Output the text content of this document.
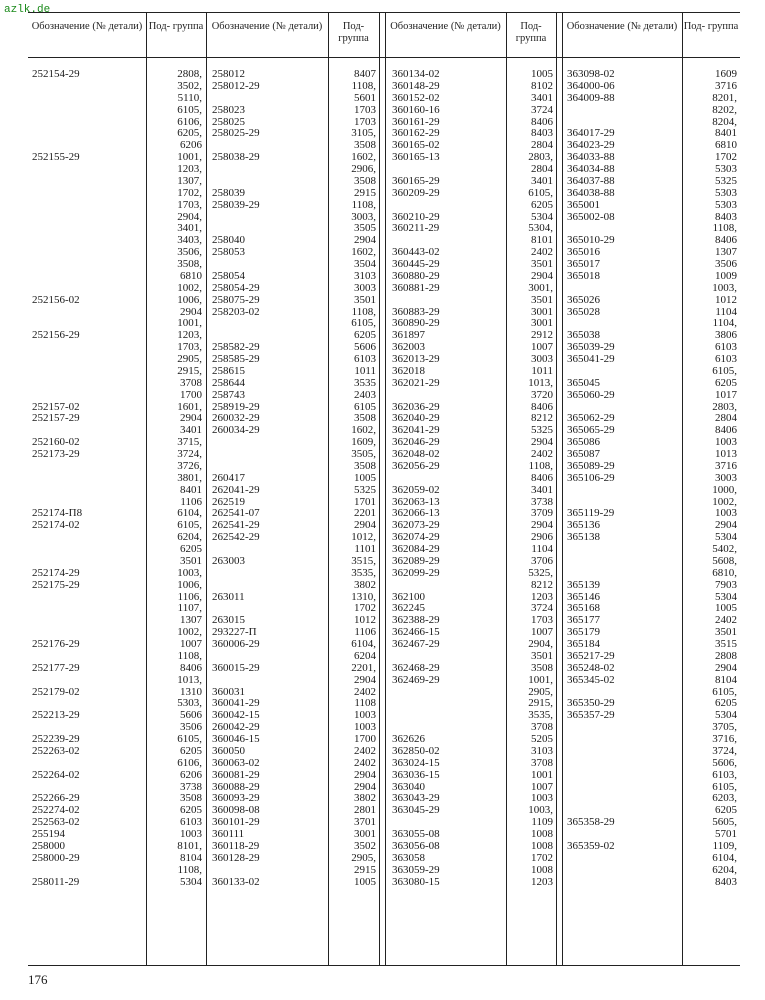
azlk.de
Обозначение (№ детали) Под- группа Обозначение (№ детали)	Под- группа
Обозначение (№ детали)	Под- группа
Обозначение (№ детали) Под- группа
252154-29
252155-29
252156-02
252156-29
252157-02
252157-29
252160-02
252173-29
252174-П8
252174-02
252174-29
252175-29
252176-29
252177-29
252179-02
252213-29
252239-29
252263-02
252264-02
252266-29
252274-02
252563-02
255194
258000
258000-29
258011-29
2808,
3502,
5110,
6105,
6106,
6205,
6206
1001,
1203,
1307,
1702,
1703,
2904,
3401,
3403,
3506,
3508,
6810
1002,
1006,
2904
1001,
1203,
1703,
2905,
2915,
3708
1700
1601,
2904
3401
3715,
3724,
3726,
3801,
8401
1106
6104,
6105,
6204,
6205
3501
1003,
1006,
1106,
1107,
1307
1002,
1007
1108,
8406
1013,
1310
5303,
5606
3506
6105,
6205
6106,
6206
3738
3508
6205
6103
1003
8101,
8104
1108,
5304
258012
258012-29
258023
258025
258025-29
258038-29
258039
258039-29
258040
258053
258054
258054-29
258075-29
258203-02
258582-29
258585-29
258615
258644
258743
258919-29
260032-29
260034-29
260417
262041-29
262519
262541-07
262541-29
262542-29
263003
263011
263015
293227-П
360006-29
360015-29
360031
360041-29
360042-15
260042-29
360046-15
360050
360063-02
360081-29
360088-29
360093-29
360098-08
360101-29
360111
360118-29
360128-29
360133-02
8407
1108,
5601
1703
1703
3105,
3508
1602,
2906,
3508
2915
1108,
3003,
3505
2904
1602,
3504
3103
3003
3501
1108,
6105,
6205
5606
6103
1011
3535
2403
6105
3508
1602,
1609,
3505,
3508
1005
5325
1701
2201
2904
1012,
1101
3515,
3535,
3802
1310,
1702
1012
1106
6104,
6204
2201,
2904
2402
1108
1003
1003
1700
2402
2402
2904
2904
3802
2801
3701
3001
3502
2905,
2915
1005
360134-02
360148-29
360152-02
360160-16
360161-29
360162-29
360165-02
360165-13
360165-29
360209-29
360210-29
360211-29
360443-02
360445-29
360880-29
360881-29
360883-29
360890-29
361897
362003
362013-29
362018
362021-29
362036-29
362040-29
362041-29
362046-29
362048-02
362056-29
362059-02
362063-13
362066-13
362073-29
362074-29
362084-29
362089-29
362099-29
362100
362245
362388-29
362466-15
362467-29
362468-29
362469-29
362626
362850-02
363024-15
363036-15
363040
363043-29
363045-29
363055-08
363056-08
363058
363059-29
363080-15
1005
8102
3401
3724
8406
8403
2804
2803,
2804
3401
6105,
6205
5304
5304,
8101
2402
3501
2904
3001,
3501
3001
3001
2912
1007
3003
1011
1013,
3720
8406
8212
5325
2904
2402
1108,
8406
3401
3738
3709
2904
2906
1104
3706
5325,
8212
1203
3724
1703
1007
2904,
3501
3508
1001,
2905,
2915,
3535,
3708
5205
3103
3708
1001
1007
1003
1003,
1109
1008
1008
1702
1008
1203
363098-02
364000-06
364009-88
364017-29
364023-29
364033-88
364034-88
364037-88
364038-88
365001
365002-08
365010-29
365016
365017
365018
365026
365028
365038
365039-29
365041-29
365045
365060-29
365062-29
365065-29
365086
365087
365089-29
365106-29
365119-29
365136
365138
365139
365146
365168
365177
365179
365184
365217-29
365248-02
365345-02
365350-29
365357-29
365358-29
365359-02
1609
3716
8201,
8202,
8204,
8401
6810
1702
5303
5325
5303
5303
8403
1108,
8406
1307
3506
1009
1003,
1012
1104
1104,
3806
6103
6103
6105,
6205
1017
2803,
2804
8406
1003
1013
3716
3003
1000,
1002,
1003
2904
5304
5402,
5608,
6810,
7903
5304
1005
2402
3501
3515
2808
2904
8104
6105,
6205
5304
3705,
3716,
3724,
5606,
6103,
6105,
6203,
6205
5605,
5701
1109,
6104,
6204,
8403
176
